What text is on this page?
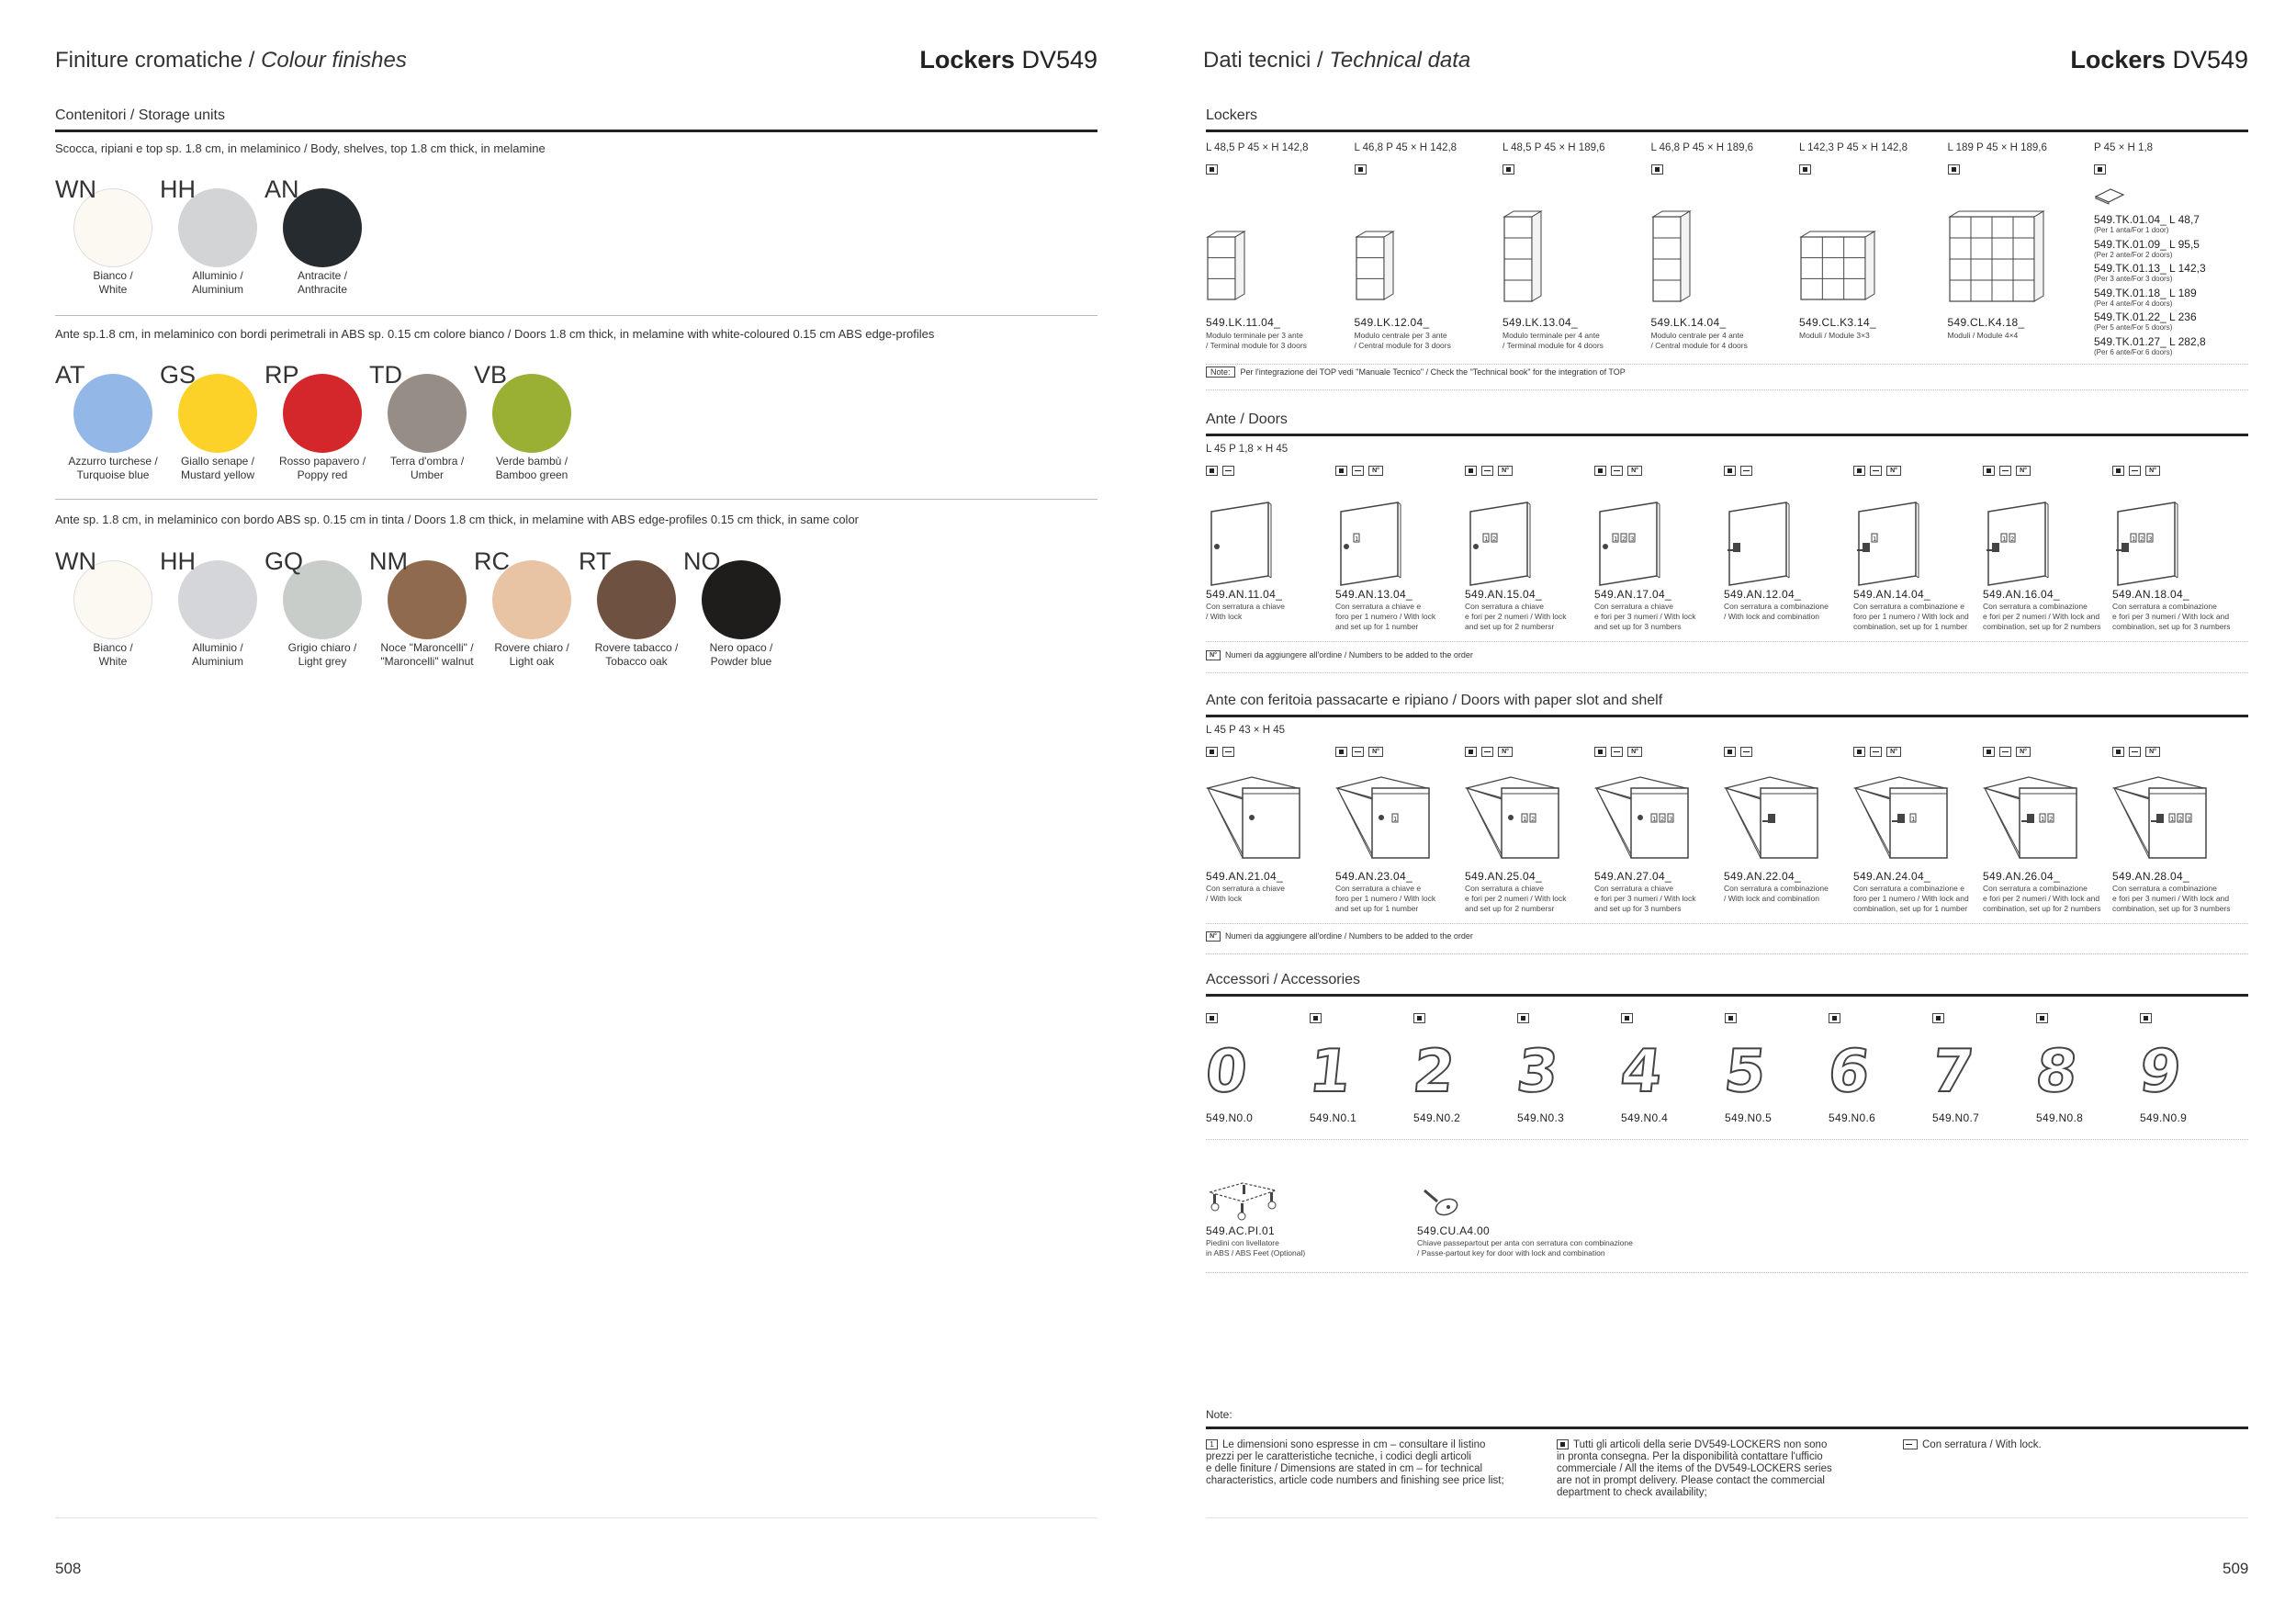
Finiture cromatiche / Colour finishes	Lockers DV549
Contenitori / Storage units
Scocca, ripiani e top sp. 1.8 cm, in melaminico / Body, shelves, top 1.8 cm thick, in melamine
WN
Bianco /
White
HH
Alluminio /
Aluminium
AN
Antracite /
Anthracite
Ante sp.1.8 cm, in melaminico con bordi perimetrali in ABS sp. 0.15 cm colore bianco / Doors 1.8 cm thick, in melamine with white-coloured 0.15 cm ABS edge-profiles
AT
Azzurro turchese /
Turquoise blue
GS
Giallo senape /
Mustard yellow
RP
Rosso papavero /
Poppy red
TD
Terra d'ombra /
Umber
VB
Verde bambù /
Bamboo green
Ante sp. 1.8 cm, in melaminico con bordo ABS sp. 0.15 cm in tinta / Doors 1.8 cm thick, in melamine with ABS edge-profiles 0.15 cm thick, in same color
WN
Bianco /
White
HH
Alluminio /
Aluminium
GQ
Grigio chiaro /
Light grey
NM
Noce "Maroncelli" /
"Maroncelli" walnut
RC
Rovere chiaro /
Light oak
RT
Rovere tabacco /
Tobacco oak
NO
Nero opaco /
Powder blue
508
Dati tecnici / Technical data	Lockers DV549
Lockers
L 48,5 P 45 × H 142,8
549.LK.11.04_
Modulo terminale per 3 ante
/ Terminal module for 3 doors
L 46,8 P 45 × H 142,8
549.LK.12.04_
Modulo centrale per 3 ante
/ Central module for 3 doors
L 48,5 P 45 × H 189,6
549.LK.13.04_
Modulo terminale per 4 ante
/ Terminal module for 4 doors
L 46,8 P 45 × H 189,6
549.LK.14.04_
Modulo centrale per 4 ante
/ Central module for 4 doors
L 142,3 P 45 × H 142,8
549.CL.K3.14_
Moduli / Module 3×3
L 189 P 45 × H 189,6
549.CL.K4.18_
Moduli / Module 4×4
P 45 × H 1,8
549.TK.01.04_ L 48,7
(Per 1 anta/For 1 door)
549.TK.01.09_ L 95,5
(Per 2 ante/For 2 doors)
549.TK.01.13_ L 142,3
(Per 3 ante/For 3 doors)
549.TK.01.18_ L 189
(Per 4 ante/For 4 doors)
549.TK.01.22_ L 236
(Per 5 ante/For 5 doors)
549.TK.01.27_ L 282,8
(Per 6 ante/For 6 doors)
Note: Per l'integrazione dei TOP vedi "Manuale Tecnico" / Check the "Technical book" for the integration of TOP
Ante / Doors
L 45 P 1,8 × H 45
549.AN.11.04_
Con serratura a chiave
/ With lock
N°
1
549.AN.13.04_
Con serratura a chiave e
foro per 1 numero / With lock
and set up for 1 number
N°
1 2
549.AN.15.04_
Con serratura a chiave
e fori per 2 numeri / With lock
and set up for 2 numbersr
N°
1 2 3
549.AN.17.04_
Con serratura a chiave
e fori per 3 numeri / With lock
and set up for 3 numbers
549.AN.12.04_
Con serratura a combinazione
/ With lock and combination
N°
1
549.AN.14.04_
Con serratura a combinazione e
foro per 1 numero / With lock and
combination, set up for 1 number
N°
1 2
549.AN.16.04_
Con serratura a combinazione
e fori per 2 numeri / With lock and
combination, set up for 2 numbers
N°
1 2 3
549.AN.18.04_
Con serratura a combinazione
e fori per 3 numeri / With lock and
combination, set up for 3 numbers
N° Numeri da aggiungere all'ordine / Numbers to be added to the order
Ante con feritoia passacarte e ripiano / Doors with paper slot and shelf
L 45 P 43 × H 45
549.AN.21.04_
Con serratura a chiave
/ With lock
N°
1
549.AN.23.04_
Con serratura a chiave e
foro per 1 numero / With lock
and set up for 1 number
N°
1 2
549.AN.25.04_
Con serratura a chiave
e fori per 2 numeri / With lock
and set up for 2 numbersr
N°
1 2 3
549.AN.27.04_
Con serratura a chiave
e fori per 3 numeri / With lock
and set up for 3 numbers
549.AN.22.04_
Con serratura a combinazione
/ With lock and combination
N°
1
549.AN.24.04_
Con serratura a combinazione e
foro per 1 numero / With lock and
combination, set up for 1 number
N°
1 2
549.AN.26.04_
Con serratura a combinazione
e fori per 2 numeri / With lock and
combination, set up for 2 numbers
N°
1 2 3
549.AN.28.04_
Con serratura a combinazione
e fori per 3 numeri / With lock and
combination, set up for 3 numbers
N° Numeri da aggiungere all'ordine / Numbers to be added to the order
Accessori / Accessories
0
549.N0.0
1
549.N0.1
2
549.N0.2
3
549.N0.3
4
549.N0.4
5
549.N0.5
6
549.N0.6
7
549.N0.7
8
549.N0.8
9
549.N0.9
549.AC.PI.01
Piedini con livellatore
in ABS / ABS Feet (Optional)
549.CU.A4.00
Chiave passepartout per anta con serratura con combinazione
/ Passe-partout key for door with lock and combination
Note:
1 Le dimensioni sono espresse in cm – consultare il listino
prezzi per le caratteristiche tecniche, i codici degli articoli
e delle finiture / Dimensions are stated in cm – for technical
characteristics, article code numbers and finishing see price list;
Tutti gli articoli della serie DV549-LOCKERS non sono
in pronta consegna. Per la disponibilità contattare l'ufficio
commerciale / All the items of the DV549-LOCKERS series
are not in prompt delivery. Please contact the commercial
department to check availability;
Con serratura / With lock.
509
